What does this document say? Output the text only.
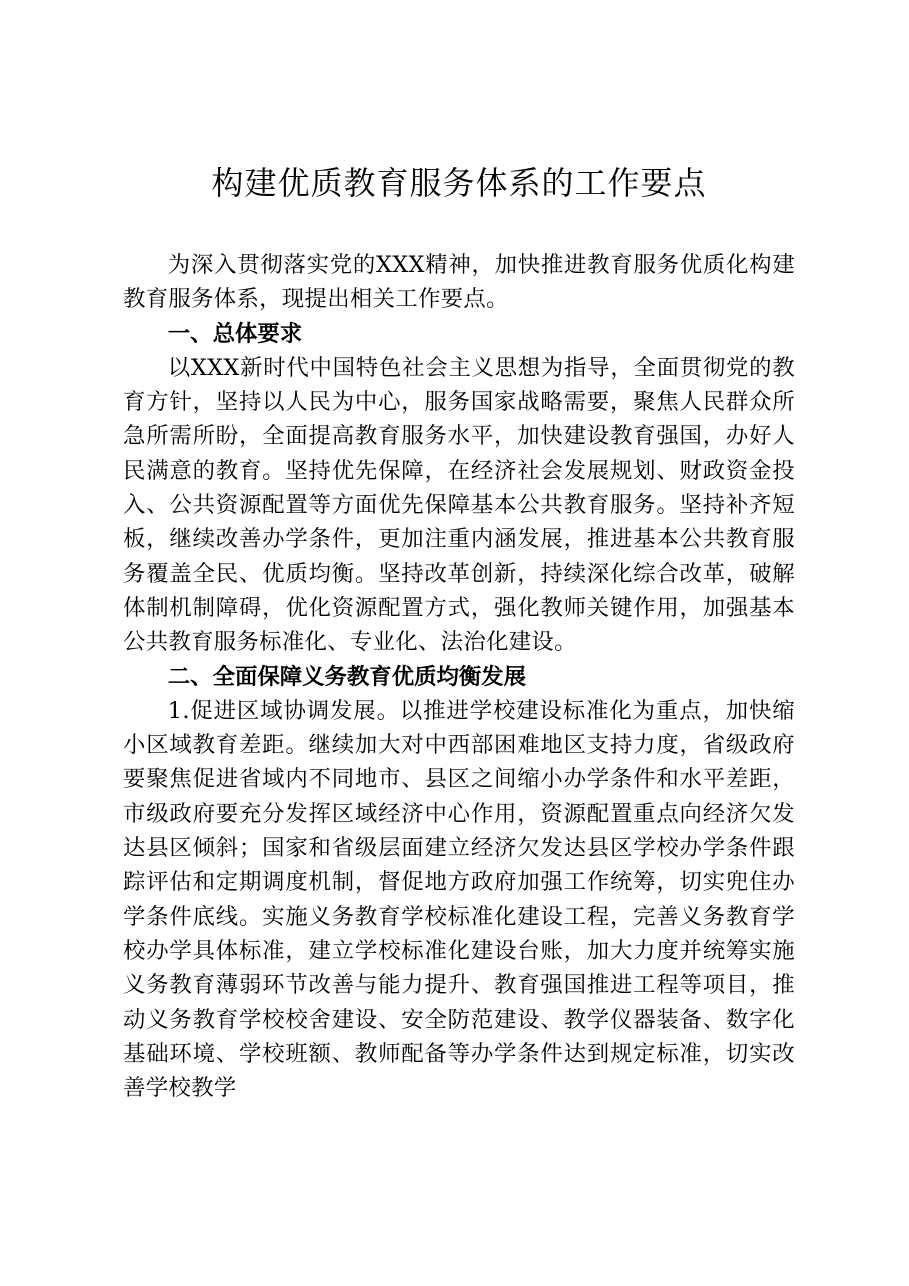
构建优质教育服务体系的工作要点

为深入贯彻落实党的XXX精神，加快推进教育服务优质化构建教育服务体系，现提出相关工作要点。

一、总体要求

以XXX新时代中国特色社会主义思想为指导，全面贯彻党的教育方针，坚持以人民为中心，服务国家战略需要，聚焦人民群众所急所需所盼，全面提高教育服务水平，加快建设教育强国，办好人民满意的教育。坚持优先保障，在经济社会发展规划、财政资金投入、公共资源配置等方面优先保障基本公共教育服务。坚持补齐短板，继续改善办学条件，更加注重内涵发展，推进基本公共教育服务覆盖全民、优质均衡。坚持改革创新，持续深化综合改革，破解体制机制障碍，优化资源配置方式，强化教师关键作用，加强基本公共教育服务标准化、专业化、法治化建设。

二、全面保障义务教育优质均衡发展

1.促进区域协调发展。以推进学校建设标准化为重点，加快缩小区域教育差距。继续加大对中西部困难地区支持力度，省级政府要聚焦促进省域内不同地市、县区之间缩小办学条件和水平差距，市级政府要充分发挥区域经济中心作用，资源配置重点向经济欠发达县区倾斜；国家和省级层面建立经济欠发达县区学校办学条件跟踪评估和定期调度机制，督促地方政府加强工作统筹，切实兜住办学条件底线。实施义务教育学校标准化建设工程，完善义务教育学校办学具体标准，建立学校标准化建设台账，加大力度并统筹实施义务教育薄弱环节改善与能力提升、教育强国推进工程等项目，推动义务教育学校校舍建设、安全防范建设、教学仪器装备、数字化基础环境、学校班额、教师配备等办学条件达到规定标准，切实改善学校教学
